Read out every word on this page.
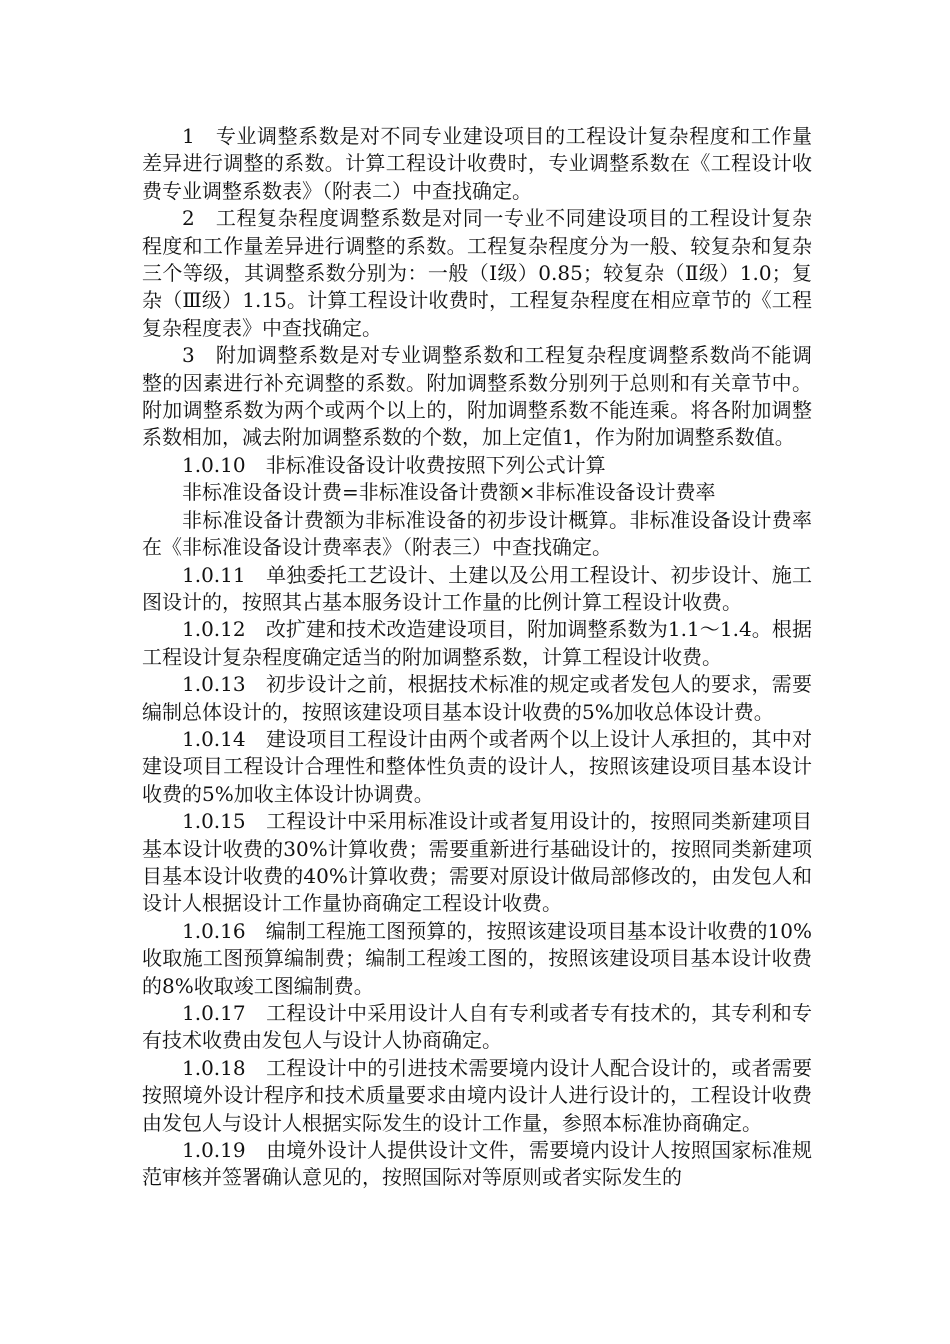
1　专业调整系数是对不同专业建设项目的工程设计复杂程度和工作量差异进行调整的系数。计算工程设计收费时，专业调整系数在《工程设计收费专业调整系数表》（附表二）中查找确定。

2　工程复杂程度调整系数是对同一专业不同建设项目的工程设计复杂程度和工作量差异进行调整的系数。工程复杂程度分为一般、较复杂和复杂三个等级，其调整系数分别为：一般（Ⅰ级）0.85；较复杂（Ⅱ级）1.0；复杂（Ⅲ级）1.15。计算工程设计收费时，工程复杂程度在相应章节的《工程复杂程度表》中查找确定。

3　附加调整系数是对专业调整系数和工程复杂程度调整系数尚不能调整的因素进行补充调整的系数。附加调整系数分别列于总则和有关章节中。附加调整系数为两个或两个以上的，附加调整系数不能连乘。将各附加调整系数相加，减去附加调整系数的个数，加上定值1，作为附加调整系数值。

1.0.10　非标准设备设计收费按照下列公式计算

非标准设备设计费=非标准设备计费额×非标准设备设计费率

非标准设备计费额为非标准设备的初步设计概算。非标准设备设计费率在《非标准设备设计费率表》（附表三）中查找确定。

1.0.11　单独委托工艺设计、土建以及公用工程设计、初步设计、施工图设计的，按照其占基本服务设计工作量的比例计算工程设计收费。

1.0.12　改扩建和技术改造建设项目，附加调整系数为1.1～1.4。根据工程设计复杂程度确定适当的附加调整系数，计算工程设计收费。

1.0.13　初步设计之前，根据技术标准的规定或者发包人的要求，需要编制总体设计的，按照该建设项目基本设计收费的5%加收总体设计费。

1.0.14　建设项目工程设计由两个或者两个以上设计人承担的，其中对建设项目工程设计合理性和整体性负责的设计人，按照该建设项目基本设计收费的5%加收主体设计协调费。

1.0.15　工程设计中采用标准设计或者复用设计的，按照同类新建项目基本设计收费的30%计算收费；需要重新进行基础设计的，按照同类新建项目基本设计收费的40%计算收费；需要对原设计做局部修改的，由发包人和设计人根据设计工作量协商确定工程设计收费。

1.0.16　编制工程施工图预算的，按照该建设项目基本设计收费的10%收取施工图预算编制费；编制工程竣工图的，按照该建设项目基本设计收费的8%收取竣工图编制费。

1.0.17　工程设计中采用设计人自有专利或者专有技术的，其专利和专有技术收费由发包人与设计人协商确定。

1.0.18　工程设计中的引进技术需要境内设计人配合设计的，或者需要按照境外设计程序和技术质量要求由境内设计人进行设计的，工程设计收费由发包人与设计人根据实际发生的设计工作量，参照本标准协商确定。

1.0.19　由境外设计人提供设计文件，需要境内设计人按照国家标准规范审核并签署确认意见的，按照国际对等原则或者实际发生的
